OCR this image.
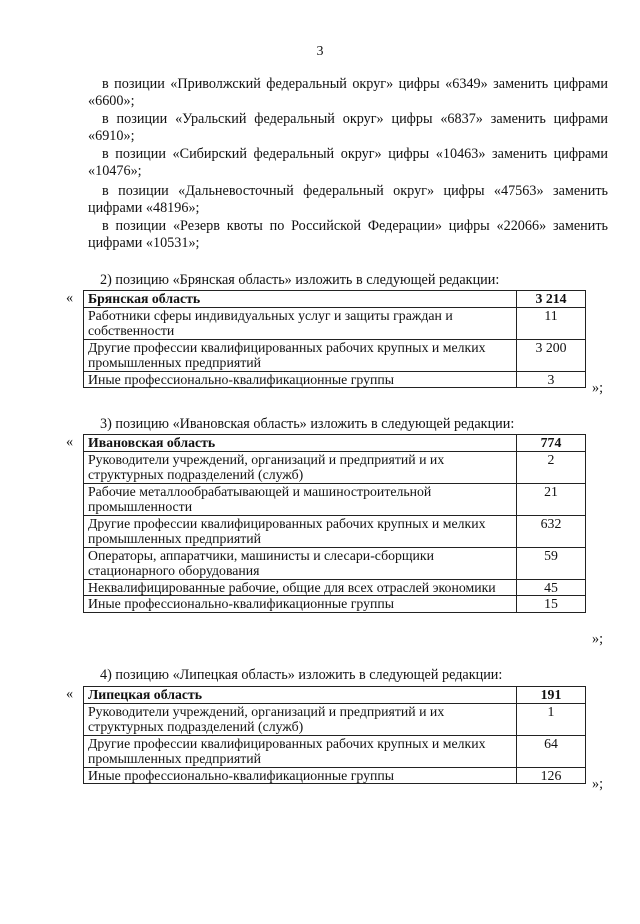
3
в позиции «Приволжский федеральный округ» цифры «6349» заменить цифрами «6600»;
в позиции «Уральский федеральный округ» цифры «6837» заменить цифрами «6910»;
в позиции «Сибирский федеральный округ» цифры «10463» заменить цифрами «10476»;
в позиции «Дальневосточный федеральный округ» цифры «47563» заменить цифрами «48196»;
в позиции «Резерв квоты по Российской Федерации» цифры «22066» заменить цифрами «10531»;
2) позицию «Брянская область» изложить в следующей редакции:
« Брянская область	3 214
Работники сферы индивидуальных услуг и защиты граждан и собственности	11
Другие профессии квалифицированных рабочих крупных и мелких промышленных предприятий	3 200
Иные профессионально-квалификационные группы	3
»;
3) позицию «Ивановская область» изложить в следующей редакции:
« Ивановская область	774
Руководители учреждений, организаций и предприятий и их структурных подразделений (служб)	2
Рабочие металлообрабатывающей и машиностроительной промышленности	21
Другие профессии квалифицированных рабочих крупных и мелких промышленных предприятий	632
Операторы, аппаратчики, машинисты и слесари-сборщики стационарного оборудования	59
Неквалифицированные рабочие, общие для всех отраслей экономики	45
Иные профессионально-квалификационные группы	15
»;
4) позицию «Липецкая область» изложить в следующей редакции:
« Липецкая область	191
Руководители учреждений, организаций и предприятий и их структурных подразделений (служб)	1
Другие профессии квалифицированных рабочих крупных и мелких промышленных предприятий	64
Иные профессионально-квалификационные группы	126
»;
